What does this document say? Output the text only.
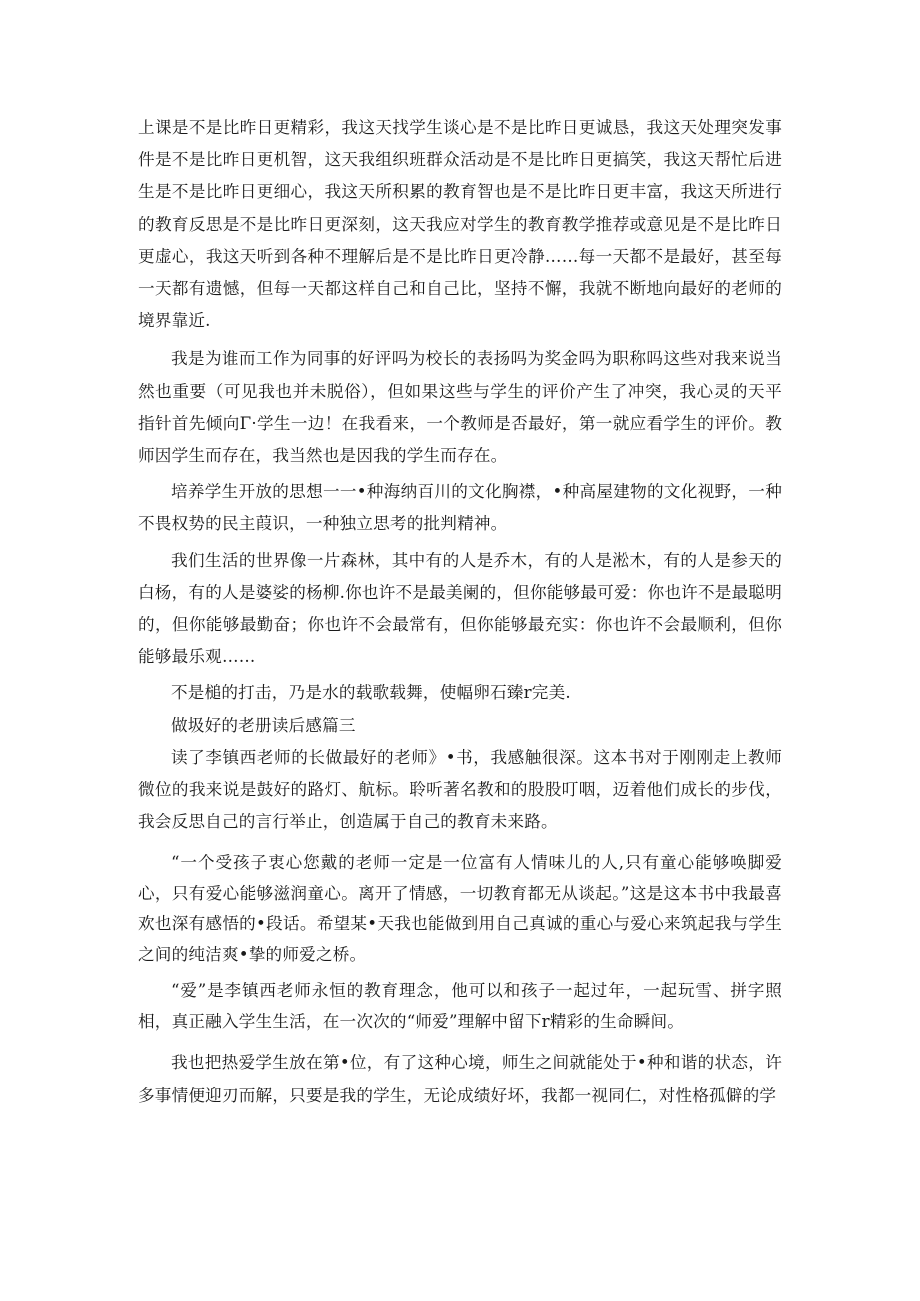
上课是不是比昨日更精彩，我这天找学生谈心是不是比昨日更诚恳，我这天处理突发事件是不是比昨日更机智，这天我组织班群众活动是不是比昨日更搞笑，我这天帮忙后进生是不是比昨日更细心，我这天所积累的教育智也是不是比昨日更丰富，我这天所进行的教育反思是不是比昨日更深刻，这天我应对学生的教育教学推荐或意见是不是比昨日更虚心，我这天听到各种不理解后是不是比昨日更冷静……每一天都不是最好，甚至每一天都有遗憾，但每一天都这样自己和自己比，坚持不懈，我就不断地向最好的老师的境界靠近.

我是为谁而工作为同事的好评吗为校长的表扬吗为奖金吗为职称吗这些对我来说当然也重要（可见我也并未脱俗），但如果这些与学生的评价产生了冲突，我心灵的天平指针首先倾向Γ·学生一边！在我看来，一个教师是否最好，第一就应看学生的评价。教师因学生而存在，我当然也是因我的学生而存在。

培养学生开放的思想一一•种海纳百川的文化胸襟，•种高屋建物的文化视野，一种不畏权势的民主葭识，一种独立思考的批判精神。

我们生活的世界像一片森林，其中有的人是乔木，有的人是淞木，有的人是参天的白杨，有的人是婆娑的杨柳.你也许不是最美阑的，但你能够最可爱：你也许不是最聪明的，但你能够最勤奋；你也许不会最常有，但你能够最充实：你也许不会最顺利，但你能够最乐观……

不是槌的打击，乃是水的载歌载舞，使幅卵石臻r完美.

做圾好的老册读后感篇三

读了李镇西老师的长做最好的老师》•书，我感触很深。这本书对于刚刚走上教师微位的我来说是鼓好的路灯、航标。聆听著名教和的股股叮咽，迈着他们成长的步伐，我会反思自己的言行举止，创造属于自己的教育未来路。

“一个受孩子衷心您戴的老师一定是一位富有人情味儿的人,只有童心能够唤脚爱心，只有爱心能够滋润童心。离开了情感，一切教育都无从谈起。”这是这本书中我最喜欢也深有感悟的•段话。希望某•天我也能做到用自己真诚的重心与爱心来筑起我与学生之间的纯洁爽•挚的师爱之桥。

“爱”是李镇西老师永恒的教育理念，他可以和孩子一起过年，一起玩雪、拼字照相，真正融入学生生活，在一次次的“师爱”理解中留下r精彩的生命瞬间。

我也把热爱学生放在第•位，有了这种心境，师生之间就能处于•种和谐的状态，许多事情便迎刃而解，只要是我的学生，无论成绩好坏，我都一视同仁，对性格孤僻的学
